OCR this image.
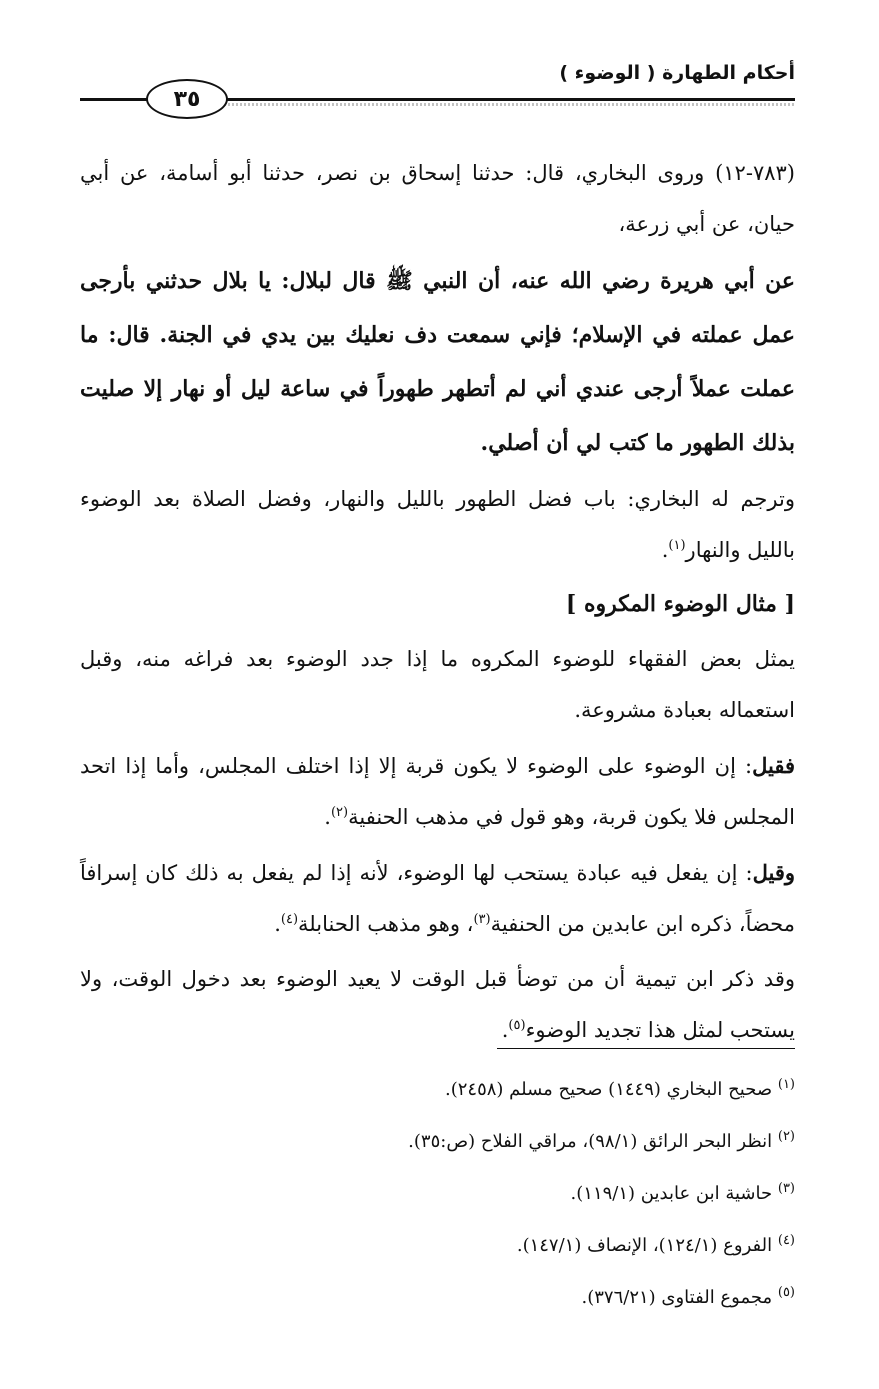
أحكام الطهارة ( الوضوء )
٣٥

(٧٨٣-١٢) وروى البخاري، قال: حدثنا إسحاق بن نصر، حدثنا أبو أسامة، عن أبي حيان، عن أبي زرعة،

عن أبي هريرة رضي الله عنه، أن النبي ﷺ قال لبلال: يا بلال حدثني بأرجى عمل عملته في الإسلام؛ فإني سمعت دف نعليك بين يدي في الجنة. قال: ما عملت عملاً أرجى عندي أني لم أتطهر طهوراً في ساعة ليل أو نهار إلا صليت بذلك الطهور ما كتب لي أن أصلي.

وترجم له البخاري: باب فضل الطهور بالليل والنهار، وفضل الصلاة بعد الوضوء بالليل والنهار$^{(١)}$.

[ مثال الوضوء المكروه ]

يمثل بعض الفقهاء للوضوء المكروه ما إذا جدد الوضوء بعد فراغه منه، وقبل استعماله بعبادة مشروعة.

فقيل: إن الوضوء على الوضوء لا يكون قربة إلا إذا اختلف المجلس، وأما إذا اتحد المجلس فلا يكون قربة، وهو قول في مذهب الحنفية$^{(٢)}$.

وقيل: إن يفعل فيه عبادة يستحب لها الوضوء، لأنه إذا لم يفعل به ذلك كان إسرافاً محضاً، ذكره ابن عابدين من الحنفية$^{(٣)}$، وهو مذهب الحنابلة$^{(٤)}$.

وقد ذكر ابن تيمية أن من توضأ قبل الوقت لا يعيد الوضوء بعد دخول الوقت، ولا يستحب لمثل هذا تجديد الوضوء$^{(٥)}$.

$^{(١)}$ صحيح البخاري (١٤٤٩) صحيح مسلم (٢٤٥٨).

$^{(٢)}$ انظر البحر الرائق (٩٨/١)، مراقي الفلاح (ص:٣٥).

$^{(٣)}$ حاشية ابن عابدين (١١٩/١).

$^{(٤)}$ الفروع (١٢٤/١)، الإنصاف (١٤٧/١).

$^{(٥)}$ مجموع الفتاوى (٣٧٦/٢١).
